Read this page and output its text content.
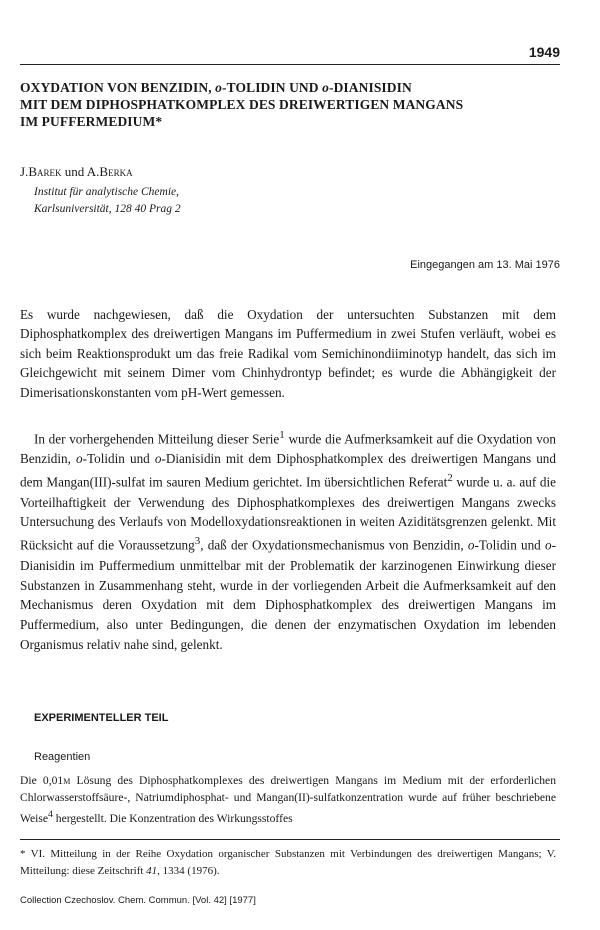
1949
OXYDATION VON BENZIDIN, o-TOLIDIN UND o-DIANISIDIN
MIT DEM DIPHOSPHATKOMPLEX DES DREIWERTIGEN MANGANS
IM PUFFERMEDIUM*
J.Barek und A.Berka
Institut für analytische Chemie,
Karlsuniversität, 128 40 Prag 2
Eingegangen am 13. Mai 1976

Es wurde nachgewiesen, daß die Oxydation der untersuchten Substanzen mit dem Diphosphatkomplex des dreiwertigen Mangans im Puffermedium in zwei Stufen verläuft, wobei es sich beim Reaktionsprodukt um das freie Radikal vom Semichinondiiminotyp handelt, das sich im Gleichgewicht mit seinem Dimer vom Chinhydrontyp befindet; es wurde die Abhängigkeit der Dimerisationskonstanten vom pH-Wert gemessen.

In der vorhergehenden Mitteilung dieser Serie$^1$ wurde die Aufmerksamkeit auf die Oxydation von Benzidin, o-Tolidin und o-Dianisidin mit dem Diphosphatkomplex des dreiwertigen Mangans und dem Mangan(III)-sulfat im sauren Medium gerichtet. Im übersichtlichen Referat$^2$ wurde u. a. auf die Vorteilhaftigkeit der Verwendung des Diphosphatkomplexes des dreiwertigen Mangans zwecks Untersuchung des Verlaufs von Modelloxydationsreaktionen in weiten Aziditätsgrenzen gelenkt. Mit Rücksicht auf die Voraussetzung$^3$, daß der Oxydationsmechanismus von Benzidin, o-Tolidin und o-Dianisidin im Puffermedium unmittelbar mit der Problematik der karzinogenen Einwirkung dieser Substanzen in Zusammenhang steht, wurde in der vorliegenden Arbeit die Aufmerksamkeit auf den Mechanismus deren Oxydation mit dem Diphosphatkomplex des dreiwertigen Mangans im Puffermedium, also unter Bedingungen, die denen der enzymatischen Oxydation im lebenden Organismus relativ nahe sind, gelenkt.

EXPERIMENTELLER TEIL
Reagentien
Die 0,01m Lösung des Diphosphatkomplexes des dreiwertigen Mangans im Medium mit der erforderlichen Chlorwasserstoffsäure-, Natriumdiphosphat- und Mangan(II)-sulfatkonzentration wurde auf früher beschriebene Weise$^4$ hergestellt. Die Konzentration des Wirkungsstoffes
* VI. Mitteilung in der Reihe Oxydation organischer Substanzen mit Verbindungen des dreiwertigen Mangans; V. Mitteilung: diese Zeitschrift 41, 1334 (1976).
Collection Czechoslov. Chem. Commun. [Vol. 42] [1977]
